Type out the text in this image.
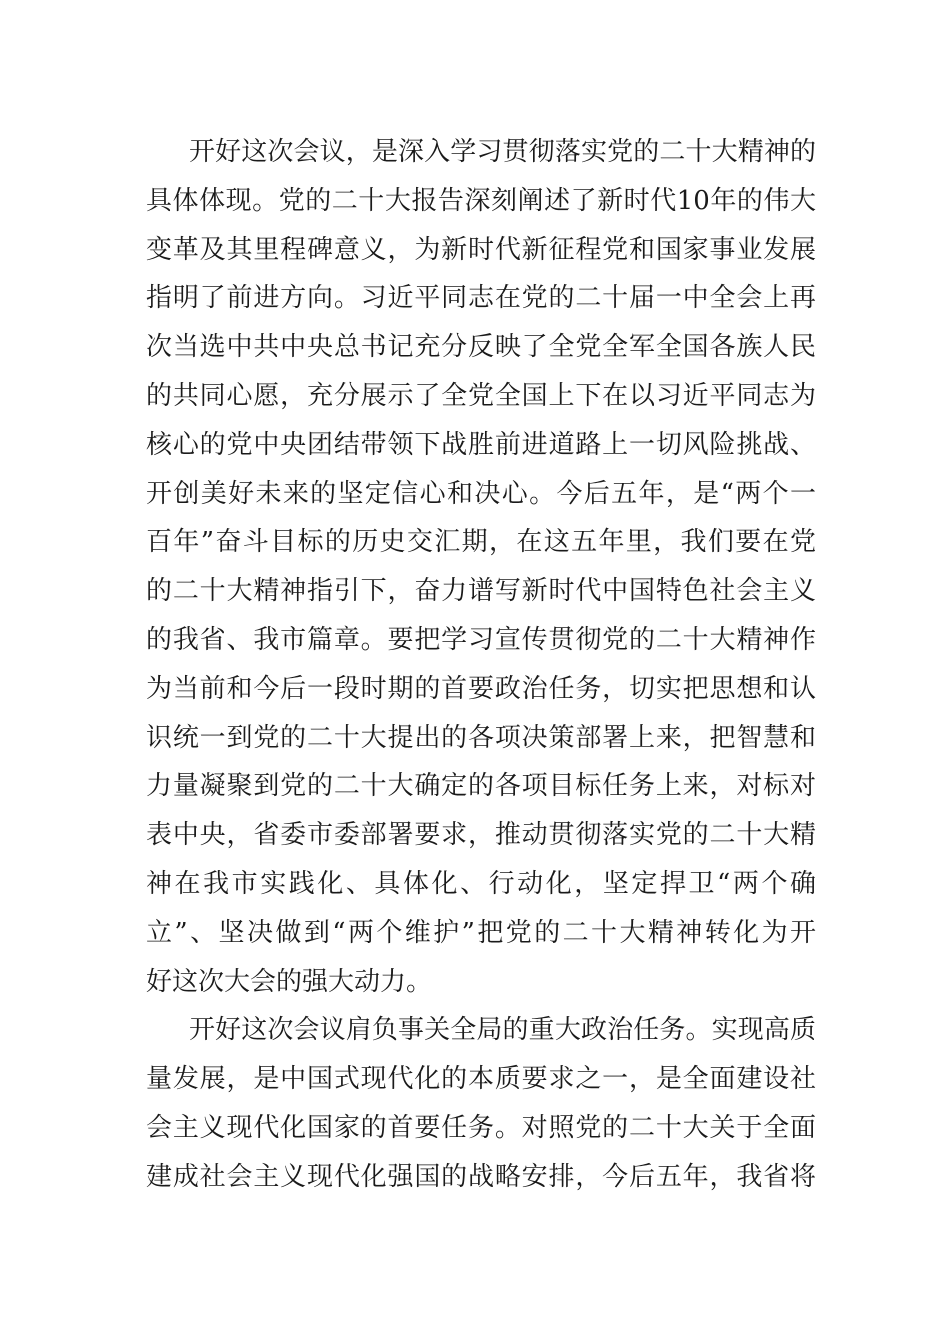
开好这次会议，是深入学习贯彻落实党的二十大精神的
具体体现。党的二十大报告深刻阐述了新时代10年的伟大
变革及其里程碑意义，为新时代新征程党和国家事业发展
指明了前进方向。习近平同志在党的二十届一中全会上再
次当选中共中央总书记充分反映了全党全军全国各族人民
的共同心愿，充分展示了全党全国上下在以习近平同志为
核心的党中央团结带领下战胜前进道路上一切风险挑战、
开创美好未来的坚定信心和决心。今后五年，是“两个一
百年”奋斗目标的历史交汇期，在这五年里，我们要在党
的二十大精神指引下，奋力谱写新时代中国特色社会主义
的我省、我市篇章。要把学习宣传贯彻党的二十大精神作
为当前和今后一段时期的首要政治任务，切实把思想和认
识统一到党的二十大提出的各项决策部署上来，把智慧和
力量凝聚到党的二十大确定的各项目标任务上来，对标对
表中央，省委市委部署要求，推动贯彻落实党的二十大精
神在我市实践化、具体化、行动化，坚定捍卫“两个确
立”、坚决做到“两个维护”把党的二十大精神转化为开
好这次大会的强大动力。
开好这次会议肩负事关全局的重大政治任务。实现高质
量发展，是中国式现代化的本质要求之一，是全面建设社
会主义现代化国家的首要任务。对照党的二十大关于全面
建成社会主义现代化强国的战略安排，今后五年，我省将
